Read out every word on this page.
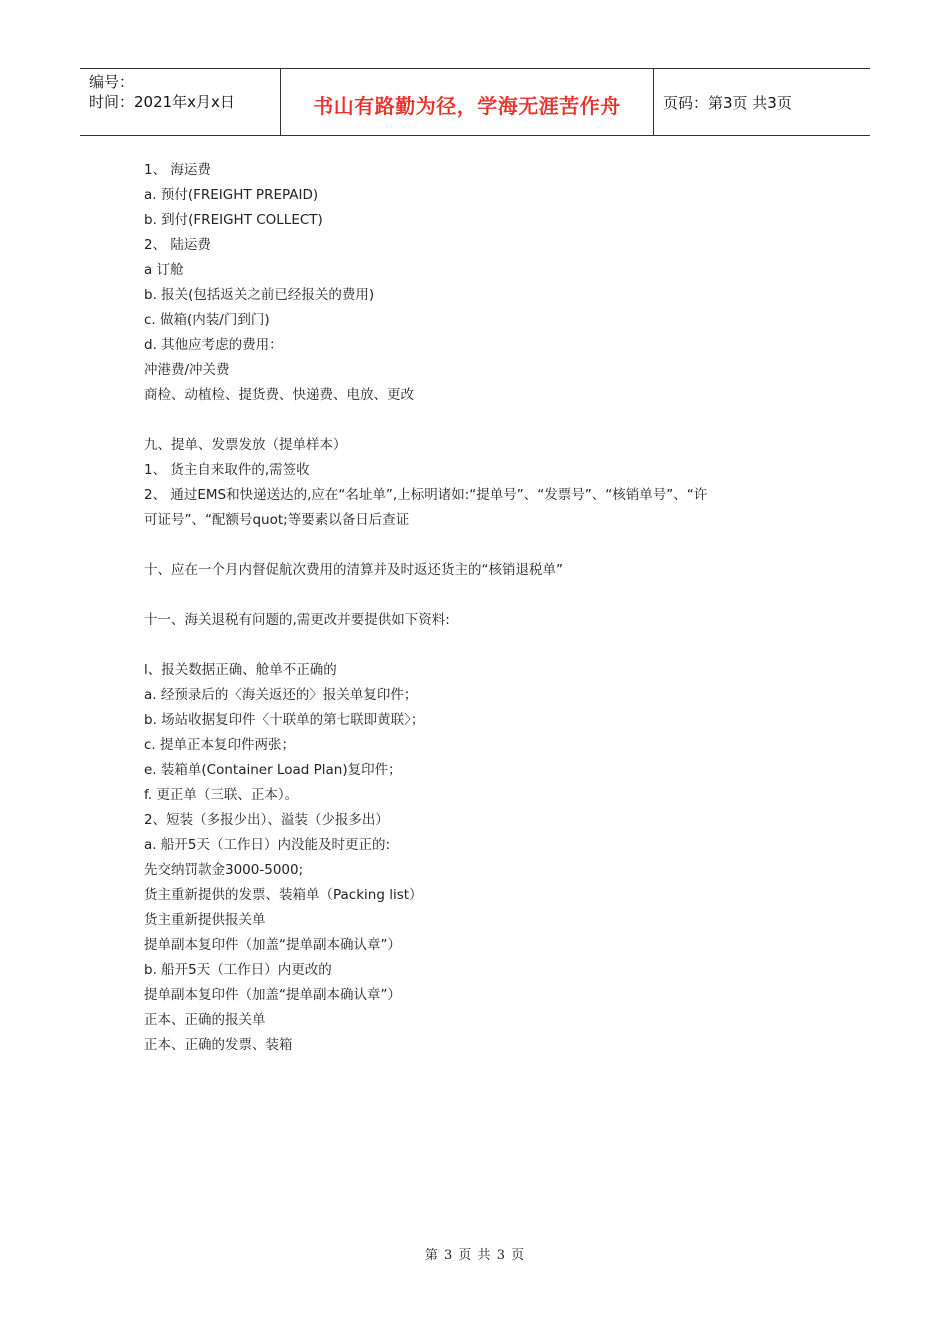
编号：
时间：2021年x月x日	书山有路勤为径，学海无涯苦作舟	页码：第3页 共3页
1、 海运费
a. 预付(FREIGHT PREPAID)
b. 到付(FREIGHT COLLECT)
2、 陆运费
a 订舱
b. 报关(包括返关之前已经报关的费用)
c. 做箱(内装/门到门)
d. 其他应考虑的费用：
冲港费/冲关费
商检、动植检、提货费、快递费、电放、更改
九、提单、发票发放（提单样本）
1、 货主自来取件的,需签收
2、 通过EMS和快递送达的,应在“名址单”,上标明诸如:“提单号”、“发票号”、“核销单号”、“许
可证号”、“配额号quot;等要素以备日后查证
十、应在一个月内督促航次费用的清算并及时返还货主的“核销退税单”
十一、海关退税有问题的,需更改并要提供如下资料:
l、报关数据正确、舱单不正确的
a. 经预录后的〈海关返还的〉报关单复印件；
b. 场站收据复印件〈十联单的第七联即黄联〉；
c. 提单正本复印件两张；
e. 装箱单(Container Load Plan)复印件；
f. 更正单（三联、正本）。
2、短装（多报少出）、溢装（少报多出）
a. 船开5天（工作日）内没能及时更正的:
先交纳罚款金3000-5000;
货主重新提供的发票、装箱单（Packing list）
货主重新提供报关单
提单副本复印件（加盖“提单副本确认章”）
b. 船开5天（工作日）内更改的
提单副本复印件（加盖“提单副本确认章”）
正本、正确的报关单
正本、正确的发票、装箱
第 3 页 共 3 页
